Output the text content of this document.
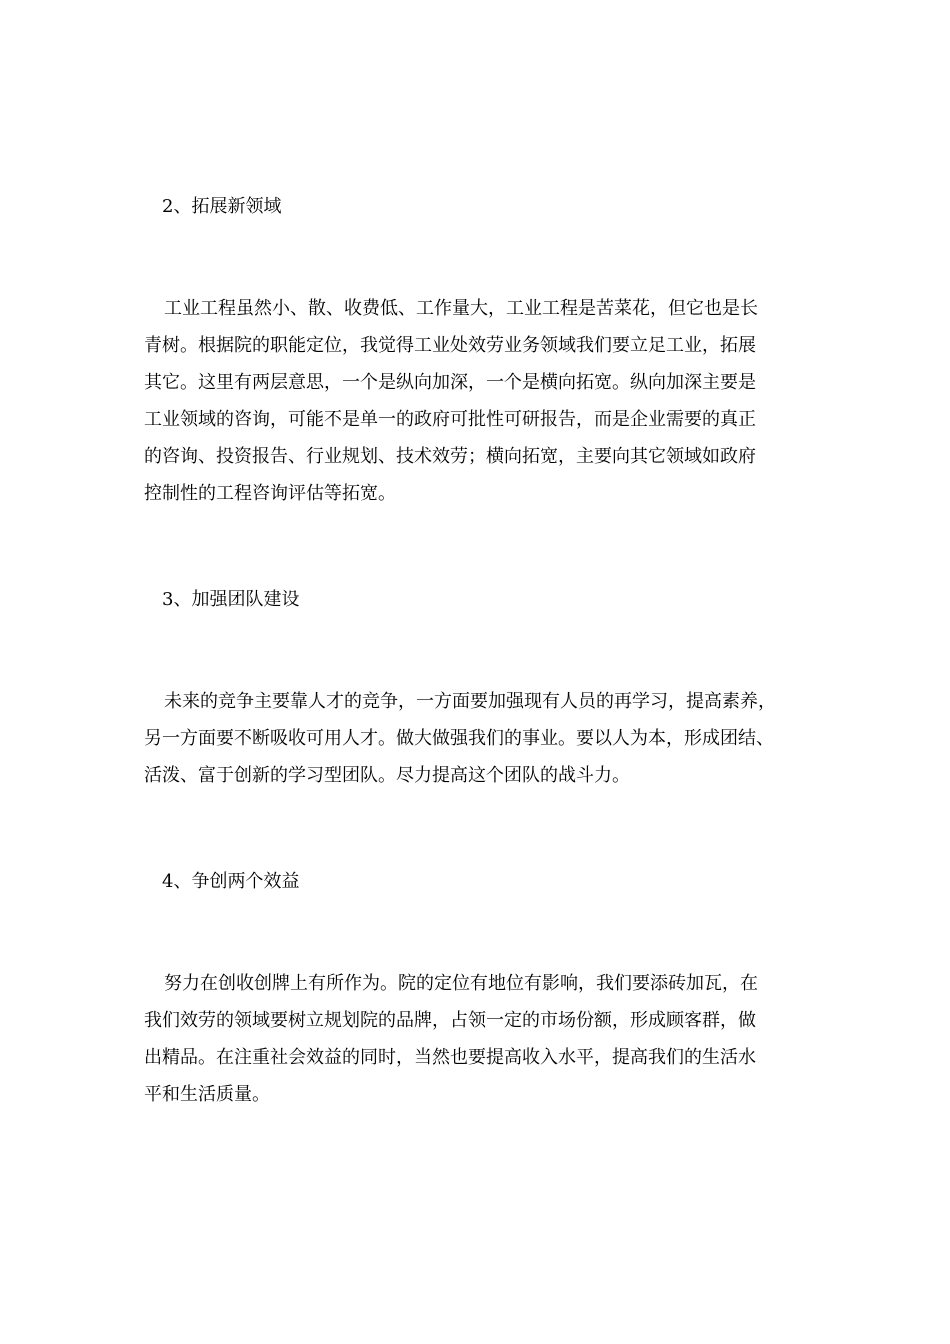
2、拓展新领域
工业工程虽然小、散、收费低、工作量大，工业工程是苦菜花，但它也是长
青树。根据院的职能定位，我觉得工业处效劳业务领域我们要立足工业，拓展
其它。这里有两层意思，一个是纵向加深，一个是横向拓宽。纵向加深主要是
工业领域的咨询，可能不是单一的政府可批性可研报告，而是企业需要的真正
的咨询、投资报告、行业规划、技术效劳；横向拓宽，主要向其它领域如政府
控制性的工程咨询评估等拓宽。
3、加强团队建设
未来的竞争主要靠人才的竞争，一方面要加强现有人员的再学习，提高素养，
另一方面要不断吸收可用人才。做大做强我们的事业。要以人为本，形成团结、
活泼、富于创新的学习型团队。尽力提高这个团队的战斗力。
4、争创两个效益
努力在创收创牌上有所作为。院的定位有地位有影响，我们要添砖加瓦，在
我们效劳的领域要树立规划院的品牌，占领一定的市场份额，形成顾客群，做
出精品。在注重社会效益的同时，当然也要提高收入水平，提高我们的生活水
平和生活质量。
